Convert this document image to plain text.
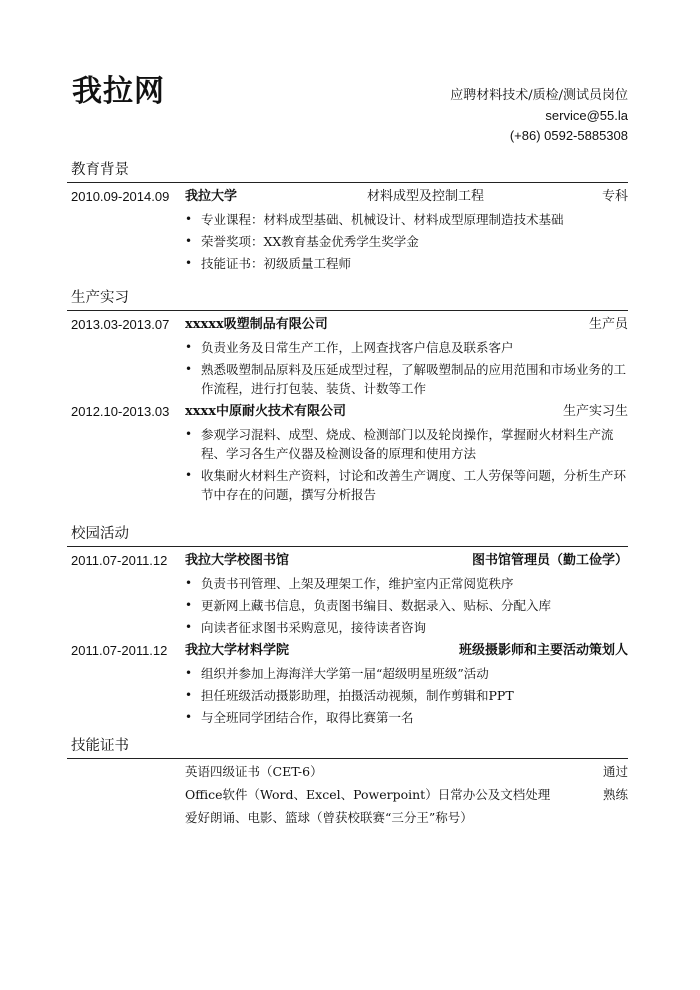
我拉网	应聘材料技术/质检/测试员岗位
service@55.la
(+86) 0592-5885308
教育背景
2010.09-2014.09 我拉大学	材料成型及控制工程	专科
• 专业课程：材料成型基础、机械设计、材料成型原理制造技术基础
• 荣誉奖项：XX教育基金优秀学生奖学金
• 技能证书：初级质量工程师
生产实习
2013.03-2013.07 xxxxx吸塑制品有限公司	生产员
• 负责业务及日常生产工作，上网查找客户信息及联系客户
• 熟悉吸塑制品原料及压延成型过程，了解吸塑制品的应用范围和市场业务的工作流程，进行打包装、装货、计数等工作
2012.10-2013.03 xxxx中原耐火技术有限公司	生产实习生
• 参观学习混料、成型、烧成、检测部门以及轮岗操作，掌握耐火材料生产流程、学习各生产仪器及检测设备的原理和使用方法
• 收集耐火材料生产资料，讨论和改善生产调度、工人劳保等问题，分析生产环节中存在的问题，撰写分析报告
校园活动
2011.07-2011.12 我拉大学校图书馆	图书馆管理员（勤工俭学）
• 负责书刊管理、上架及理架工作，维护室内正常阅览秩序
• 更新网上藏书信息，负责图书编目、数据录入、贴标、分配入库
• 向读者征求图书采购意见，接待读者咨询
2011.07-2011.12 我拉大学材料学院	班级摄影师和主要活动策划人
• 组织并参加上海海洋大学第一届“超级明星班级”活动
• 担任班级活动摄影助理，拍摄活动视频，制作剪辑和PPT
• 与全班同学团结合作，取得比赛第一名
技能证书
英语四级证书（CET-6）	通过
Office软件（Word、Excel、Powerpoint）日常办公及文档处理	熟练
爱好朗诵、电影、篮球（曾获校联赛“三分王”称号）
